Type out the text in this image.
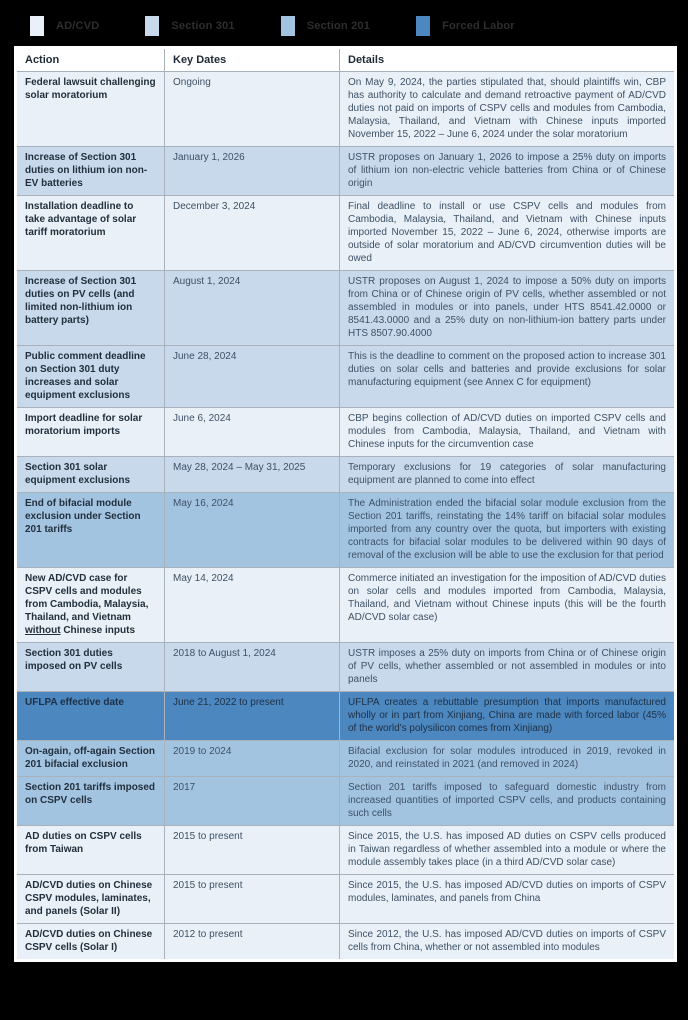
AD/CVD	Section 301	Section 201	Forced Labor
Action	Key Dates	Details
Federal lawsuit challenging solar moratorium	Ongoing	On May 9, 2024, the parties stipulated that, should plaintiffs win, CBP has authority to calculate and demand retroactive payment of AD/CVD duties not paid on imports of CSPV cells and modules from Cambodia, Malaysia, Thailand, and Vietnam with Chinese inputs imported November 15, 2022 – June 6, 2024 under the solar moratorium
Increase of Section 301 duties on lithium ion non-EV batteries	January 1, 2026	USTR proposes on January 1, 2026 to impose a 25% duty on imports of lithium ion non-electric vehicle batteries from China or of Chinese origin
Installation deadline to take advantage of solar tariff moratorium	December 3, 2024	Final deadline to install or use CSPV cells and modules from Cambodia, Malaysia, Thailand, and Vietnam with Chinese inputs imported November 15, 2022 – June 6, 2024, otherwise imports are outside of solar moratorium and AD/CVD circumvention duties will be owed
Increase of Section 301 duties on PV cells (and limited non-lithium ion battery parts)	August 1, 2024	USTR proposes on August 1, 2024 to impose a 50% duty on imports from China or of Chinese origin of PV cells, whether assembled or not assembled in modules or into panels, under HTS 8541.42.0000 or 8541.43.0000 and a 25% duty on non-lithium-ion battery parts under HTS 8507.90.4000
Public comment deadline on Section 301 duty increases and solar equipment exclusions	June 28, 2024	This is the deadline to comment on the proposed action to increase 301 duties on solar cells and batteries and provide exclusions for solar manufacturing equipment (see Annex C for equipment)
Import deadline for solar moratorium imports	June 6, 2024	CBP begins collection of AD/CVD duties on imported CSPV cells and modules from Cambodia, Malaysia, Thailand, and Vietnam with Chinese inputs for the circumvention case
Section 301 solar equipment exclusions	May 28, 2024 – May 31, 2025	Temporary exclusions for 19 categories of solar manufacturing equipment are planned to come into effect
End of bifacial module exclusion under Section 201 tariffs	May 16, 2024	The Administration ended the bifacial solar module exclusion from the Section 201 tariffs, reinstating the 14% tariff on bifacial solar modules imported from any country over the quota, but importers with existing contracts for bifacial solar modules to be delivered within 90 days of removal of the exclusion will be able to use the exclusion for that period
New AD/CVD case for CSPV cells and modules from Cambodia, Malaysia, Thailand, and Vietnam without Chinese inputs	May 14, 2024	Commerce initiated an investigation for the imposition of AD/CVD duties on solar cells and modules imported from Cambodia, Malaysia, Thailand, and Vietnam without Chinese inputs (this will be the fourth AD/CVD solar case)
Section 301 duties imposed on PV cells	2018 to August 1, 2024	USTR imposes a 25% duty on imports from China or of Chinese origin of PV cells, whether assembled or not assembled in modules or into panels
UFLPA effective date	June 21, 2022 to present	UFLPA creates a rebuttable presumption that imports manufactured wholly or in part from Xinjiang, China are made with forced labor (45% of the world's polysilicon comes from Xinjiang)
On-again, off-again Section 201 bifacial exclusion	2019 to 2024	Bifacial exclusion for solar modules introduced in 2019, revoked in 2020, and reinstated in 2021 (and removed in 2024)
Section 201 tariffs imposed on CSPV cells	2017	Section 201 tariffs imposed to safeguard domestic industry from increased quantities of imported CSPV cells, and products containing such cells
AD duties on CSPV cells from Taiwan	2015 to present	Since 2015, the U.S. has imposed AD duties on CSPV cells produced in Taiwan regardless of whether assembled into a module or where the module assembly takes place (in a third AD/CVD solar case)
AD/CVD duties on Chinese CSPV modules, laminates, and panels (Solar II)	2015 to present	Since 2015, the U.S. has imposed AD/CVD duties on imports of CSPV modules, laminates, and panels from China
AD/CVD duties on Chinese CSPV cells (Solar I)	2012 to present	Since 2012, the U.S. has imposed AD/CVD duties on imports of CSPV cells from China, whether or not assembled into modules
